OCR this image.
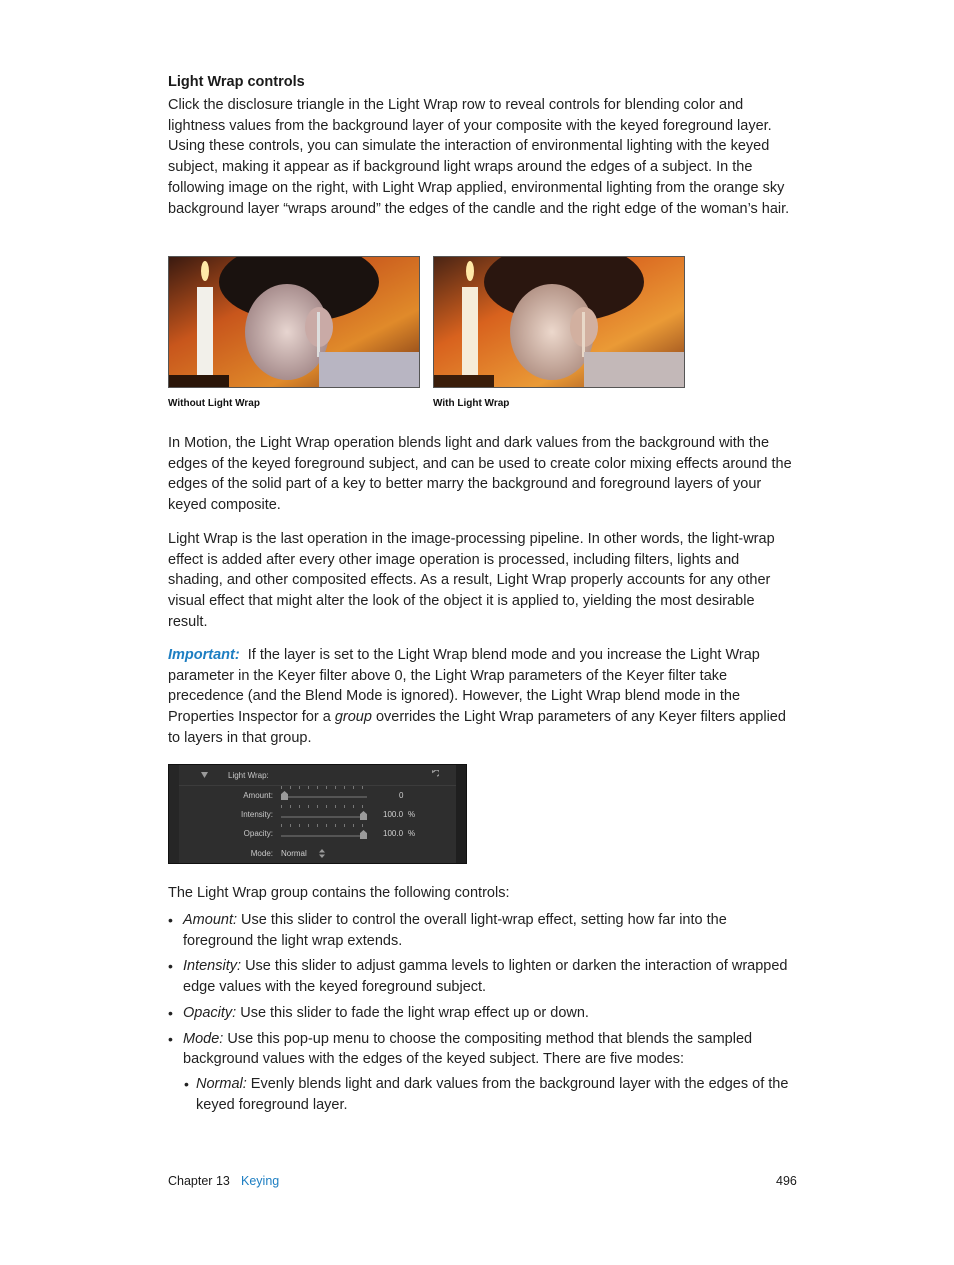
Light Wrap controls

Click the disclosure triangle in the Light Wrap row to reveal controls for blending color and lightness values from the background layer of your composite with the keyed foreground layer. Using these controls, you can simulate the interaction of environmental lighting with the keyed subject, making it appear as if background light wraps around the edges of a subject. In the following image on the right, with Light Wrap applied, environmental lighting from the orange sky background layer “wraps around” the edges of the candle and the right edge of the woman’s hair.

Without Light Wrap	With Light Wrap

In Motion, the Light Wrap operation blends light and dark values from the background with the edges of the keyed foreground subject, and can be used to create color mixing effects around the edges of the solid part of a key to better marry the background and foreground layers of your keyed composite.

Light Wrap is the last operation in the image-processing pipeline. In other words, the light-wrap effect is added after every other image operation is processed, including filters, lights and shading, and other composited effects. As a result, Light Wrap properly accounts for any other visual effect that might alter the look of the object it is applied to, yielding the most desirable result.

Important: If the layer is set to the Light Wrap blend mode and you increase the Light Wrap parameter in the Keyer filter above 0, the Light Wrap parameters of the Keyer filter take precedence (and the Blend Mode is ignored). However, the Light Wrap blend mode in the Properties Inspector for a group overrides the Light Wrap parameters of any Keyer filters applied to layers in that group.

Light Wrap:
Amount:	0
Intensity:	100.0 %
Opacity:	100.0 %
Mode: Normal

The Light Wrap group contains the following controls:

• Amount: Use this slider to control the overall light-wrap effect, setting how far into the foreground the light wrap extends.
• Intensity: Use this slider to adjust gamma levels to lighten or darken the interaction of wrapped edge values with the keyed foreground subject.
• Opacity: Use this slider to fade the light wrap effect up or down.
• Mode: Use this pop-up menu to choose the compositing method that blends the sampled background values with the edges of the keyed subject. There are five modes:
• Normal: Evenly blends light and dark values from the background layer with the edges of the keyed foreground layer.
Chapter 13 Keying	496
